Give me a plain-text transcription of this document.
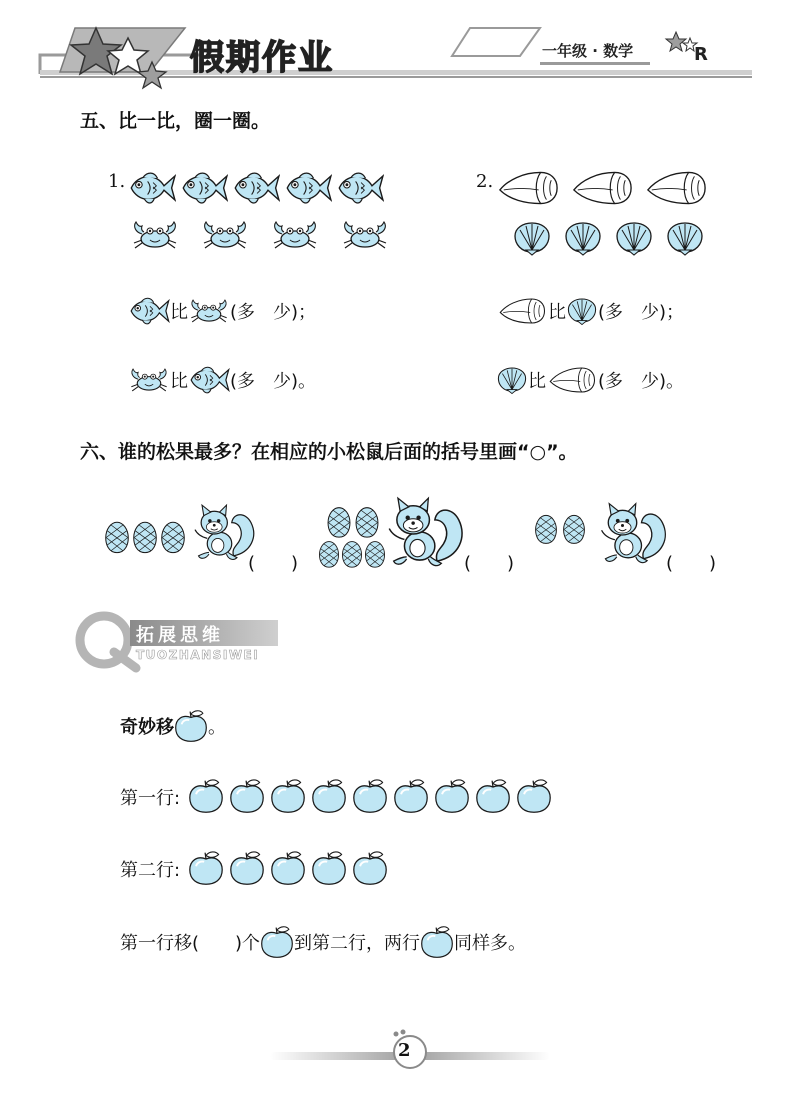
假期作业	一年级 · 数学	R
五、比一比，圈一圈。
1.	2.
比 (多　少) ；
比 (多　少) 。
比 (多　少) ；
比	(多　少) 。
六、谁的松果最多？在相应的小松鼠后面的括号里画“○”。
(　　)	(　　)	(　　)
拓展思维
TUOZHANSIWEI
奇妙移 。
第一行:
第二行:
第一行移(　　)个 到第二行，两行 同样多。
2
